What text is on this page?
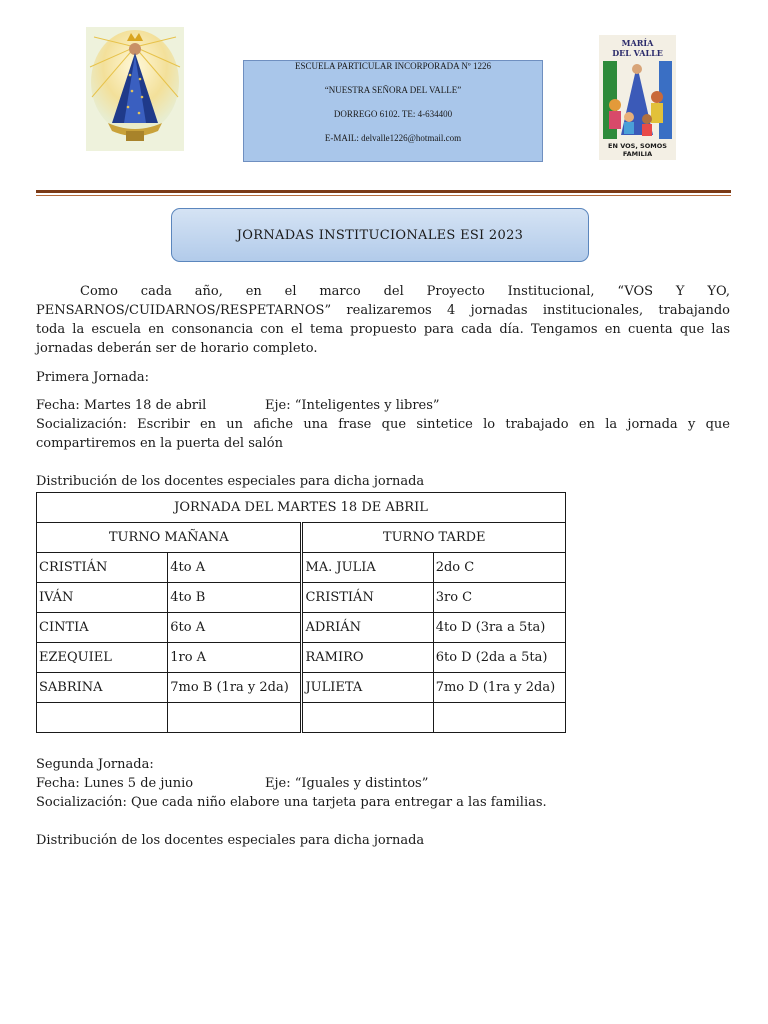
MARÍA
DEL VALLE
EN VOS, SOMOS
FAMILIA
ESCUELA PARTICULAR INCORPORADA Nº 1226
“NUESTRA SEÑORA DEL VALLE”
DORREGO 6102. TE: 4-634400
E-MAIL: delvalle1226@hotmail.com
JORNADAS INSTITUCIONALES ESI 2023
Como cada año, en el marco del Proyecto Institucional, “VOS Y YO,
PENSARNOS/CUIDARNOS/RESPETARNOS” realizaremos 4 jornadas institucionales, trabajando
toda la escuela en consonancia con el tema propuesto para cada día. Tengamos en cuenta que las
jornadas deberán ser de horario completo.
Primera Jornada:
Fecha: Martes 18 de abril	Eje: “Inteligentes y libres”
Socialización: Escribir en un afiche una frase que sintetice lo trabajado en la jornada y que
compartiremos en la puerta del salón
Distribución de los docentes especiales para dicha jornada
JORNADA DEL MARTES 18 DE ABRIL			
TURNO MAÑANA		TURNO TARDE	
CRISTIÁN	4to A	MA. JULIA	2do C
IVÁN	4to B	CRISTIÁN	3ro C
CINTIA	6to A	ADRIÁN	4to D (3ra a 5ta)
EZEQUIEL	1ro A	RAMIRO	6to D (2da a 5ta)
SABRINA	7mo B (1ra y 2da)	JULIETA	7mo D (1ra y 2da)

Segunda Jornada:
Fecha: Lunes 5 de junio	Eje: “Iguales y distintos”
Socialización: Que cada niño elabore una tarjeta para entregar a las familias.
Distribución de los docentes especiales para dicha jornada
